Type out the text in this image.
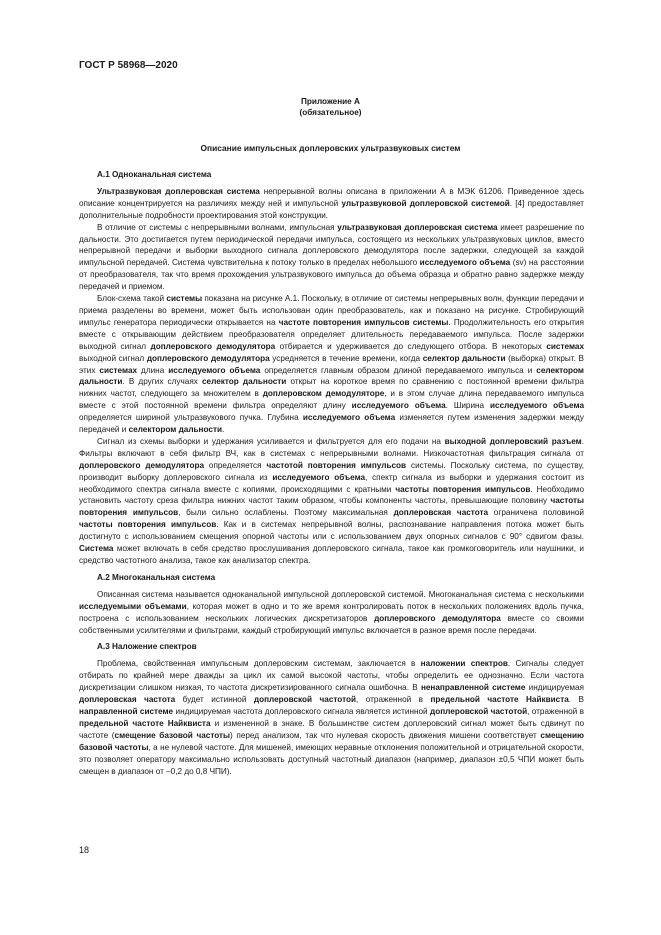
ГОСТ Р 58968—2020
Приложение А
(обязательное)
Описание импульсных доплеровских ультразвуковых систем
А.1 Одноканальная система

Ультразвуковая доплеровская система непрерывной волны описана в приложении А в МЭК 61206. Приведенное здесь описание концентрируется на различиях между ней и импульсной ультразвуковой доплеровской системой. [4] предоставляет дополнительные подробности проектирования этой конструкции.

В отличие от системы с непрерывными волнами, импульсная ультразвуковая доплеровская система имеет разрешение по дальности. Это достигается путем периодической передачи импульса, состоящего из нескольких ультразвуковых циклов, вместо непрерывной передачи и выборки выходного сигнала доплеровского демодулятора после задержки, следующей за каждой импульсной передачей. Система чувствительна к потоку только в пределах небольшого исследуемого объема (sv) на расстоянии от преобразователя, так что время прохождения ультразвукового импульса до объема образца и обратно равно задержке между передачей и приемом.

Блок-схема такой системы показана на рисунке А.1. Поскольку, в отличие от системы непрерывных волн, функции передачи и приема разделены во времени, может быть использован один преобразователь, как и показано на рисунке. Стробирующий импульс генератора периодически открывается на частоте повторения импульсов системы. Продолжительность его открытия вместе с открывающим действием преобразователя определяет длительность передаваемого импульса. После задержки выходной сигнал доплеровского демодулятора отбирается и удерживается до следующего отбора. В некоторых системах выходной сигнал доплеровского демодулятора усредняется в течение времени, когда селектор дальности (выборка) открыт. В этих системах длина исследуемого объема определяется главным образом длиной передаваемого импульса и селектором дальности. В других случаях селектор дальности открыт на короткое время по сравнению с постоянной времени фильтра нижних частот, следующего за множителем в доплеровском демодуляторе, и в этом случае длина передаваемого импульса вместе с этой постоянной времени фильтра определяют длину исследуемого объема. Ширина исследуемого объема определяется шириной ультразвукового пучка. Глубина исследуемого объема изменяется путем изменения задержки между передачей и селектором дальности.

Сигнал из схемы выборки и удержания усиливается и фильтруется для его подачи на выходной доплеровский разъем. Фильтры включают в себя фильтр ВЧ, как в системах с непрерывными волнами. Низкочастотная фильтрация сигнала от доплеровского демодулятора определяется частотой повторения импульсов системы. Поскольку система, по существу, производит выборку доплеровского сигнала из исследуемого объема, спектр сигнала из выборки и удержания состоит из необходимого спектра сигнала вместе с копиями, происходящими с кратными частоты повторения импульсов. Необходимо установить частоту среза фильтра нижних частот таким образом, чтобы компоненты частоты, превышающие половину частоты повторения импульсов, были сильно ослаблены. Поэтому максимальная доплеровская частота ограничена половиной частоты повторения импульсов. Как и в системах непрерывной волны, распознавание направления потока может быть достигнуто с использованием смещения опорной частоты или с использованием двух опорных сигналов с 90° сдвигом фазы. Система может включать в себя средство прослушивания доплеровского сигнала, такое как громкоговоритель или наушники, и средство частотного анализа, такое как анализатор спектра.

А.2 Многоканальная система

Описанная система называется одноканальной импульсной доплеровской системой. Многоканальная система с несколькими исследуемыми объемами, которая может в одно и то же время контролировать поток в нескольких положениях вдоль пучка, построена с использованием нескольких логических дискретизаторов доплеровского демодулятора вместе со своими собственными усилителями и фильтрами, каждый стробирующий импульс включается в разное время после передачи.

А.3 Наложение спектров

Проблема, свойственная импульсным доплеровским системам, заключается в наложении спектров. Сигналы следует отбирать по крайней мере дважды за цикл их самой высокой частоты, чтобы определить ее однозначно. Если частота дискретизации слишком низкая, то частота дискретизированного сигнала ошибочна. В ненаправленной системе индицируемая доплеровская частота будет истинной доплеровской частотой, отраженной в предельной частоте Найквиста. В направленной системе индицируемая частота доплеровского сигнала является истинной доплеровской частотой, отраженной в предельной частоте Найквиста и измененной в знаке. В большинстве систем доплеровский сигнал может быть сдвинут по частоте (смещение базовой частоты) перед анализом, так что нулевая скорость движения мишени соответствует смещению базовой частоты, а не нулевой частоте. Для мишеней, имеющих неравные отклонения положительной и отрицательной скорости, это позволяет оператору максимально использовать доступный частотный диапазон (например, диапазон ±0,5 ЧПИ может быть смещен в диапазон от –0,2 до 0,8 ЧПИ).

18
